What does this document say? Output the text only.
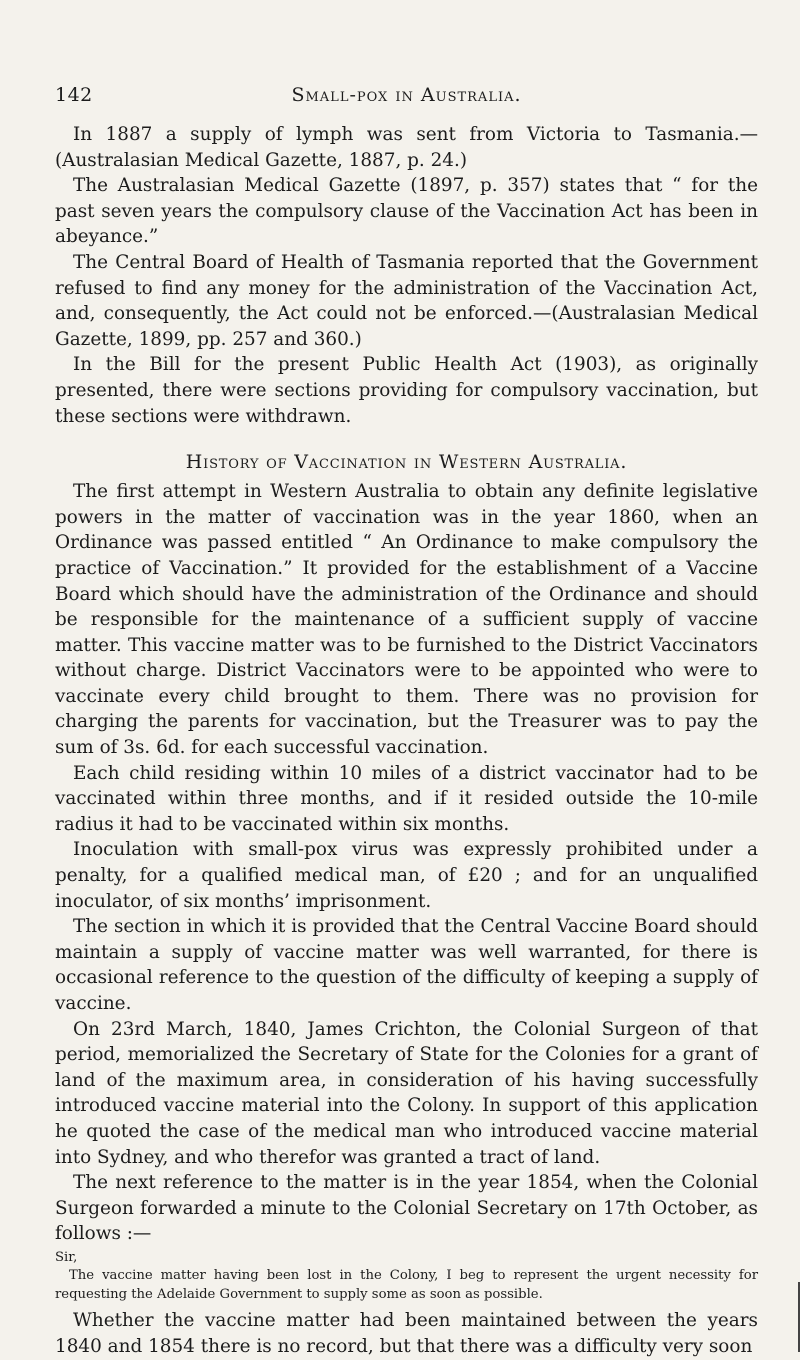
142	Small-pox in Australia.

In 1887 a supply of lymph was sent from Victoria to Tasmania.—(Australasian Medical Gazette, 1887, p. 24.)

The Australasian Medical Gazette (1897, p. 357) states that “ for the past seven years the compulsory clause of the Vaccination Act has been in abeyance.”

The Central Board of Health of Tasmania reported that the Government refused to find any money for the administration of the Vaccination Act, and, consequently, the Act could not be enforced.—(Australasian Medical Gazette, 1899, pp. 257 and 360.)

In the Bill for the present Public Health Act (1903), as originally presented, there were sections providing for compulsory vaccination, but these sections were withdrawn.

History of Vaccination in Western Australia.

The first attempt in Western Australia to obtain any definite legislative powers in the matter of vaccination was in the year 1860, when an Ordinance was passed entitled “ An Ordinance to make compulsory the practice of Vaccination.” It provided for the establishment of a Vaccine Board which should have the administration of the Ordinance and should be responsible for the maintenance of a sufficient supply of vaccine matter. This vaccine matter was to be furnished to the District Vaccinators without charge. District Vaccinators were to be appointed who were to vaccinate every child brought to them. There was no provision for charging the parents for vaccination, but the Treasurer was to pay the sum of 3s. 6d. for each successful vaccination.

Each child residing within 10 miles of a district vaccinator had to be vaccinated within three months, and if it resided outside the 10-mile radius it had to be vaccinated within six months.

Inoculation with small-pox virus was expressly prohibited under a penalty, for a qualified medical man, of £20 ; and for an unqualified inoculator, of six months’ imprisonment.

The section in which it is provided that the Central Vaccine Board should maintain a supply of vaccine matter was well warranted, for there is occasional reference to the question of the difficulty of keeping a supply of vaccine.

On 23rd March, 1840, James Crichton, the Colonial Surgeon of that period, memorialized the Secretary of State for the Colonies for a grant of land of the maximum area, in consideration of his having successfully introduced vaccine material into the Colony. In support of this application he quoted the case of the medical man who introduced vaccine material into Sydney, and who therefor was granted a tract of land.

The next reference to the matter is in the year 1854, when the Colonial Surgeon forwarded a minute to the Colonial Secretary on 17th October, as follows :—

Sir,
The vaccine matter having been lost in the Colony, I beg to represent the urgent necessity for requesting the Adelaide Government to supply some as soon as possible.

Whether the vaccine matter had been maintained between the years 1840 and 1854 there is no record, but that there was a difficulty very soon
